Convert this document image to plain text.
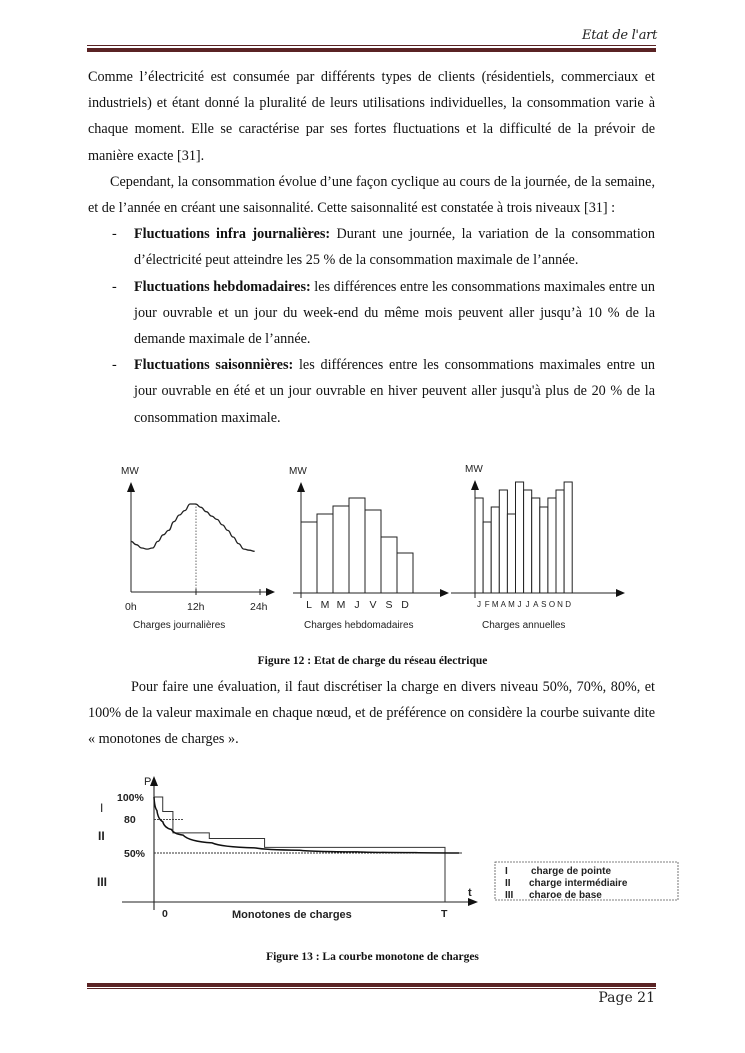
Etat de l'art

Comme l’électricité est consumée par différents types de clients (résidentiels, commerciaux et industriels) et étant donné la pluralité de leurs utilisations individuelles, la consommation varie à chaque moment. Elle se caractérise par ses fortes fluctuations et la difficulté de la prévoir de manière exacte [31].

Cependant, la consommation évolue d’une façon cyclique au cours de la journée, de la semaine, et de l’année en créant une saisonnalité. Cette saisonnalité est constatée à trois niveaux [31] :

- Fluctuations infra journalières: Durant une journée, la variation de la consommation d’électricité peut atteindre les 25 % de la consommation maximale de l’année.
- Fluctuations hebdomadaires: les différences entre les consommations maximales entre un jour ouvrable et un jour du week-end du même mois peuvent aller jusqu’à 10 % de la demande maximale de l’année.
- Fluctuations saisonnières: les différences entre les consommations maximales entre un jour ouvrable en été et un jour ouvrable en hiver peuvent aller jusqu'à plus de 20 % de la consommation maximale.
MW
0h	12h	24h
Charges journalières
MW
L M M J V S D
Charges hebdomadaires
MW
J F M A M J J A S O N D
Charges annuelles
Figure 12 : Etat de charge du réseau électrique

Pour faire une évaluation, il faut discrétiser la charge en divers niveau 50%, 70%, 80%, et 100% de la valeur maximale en chaque nœud, et de préférence on considère la courbe suivante dite « monotones de charges ».

P
t
100%
80
50%
I
II
III
0	T
Monotones de charges
I charge de pointe
II charge intermédiaire
III charoe de base
Figure 13 : La courbe monotone de charges
Page 21
